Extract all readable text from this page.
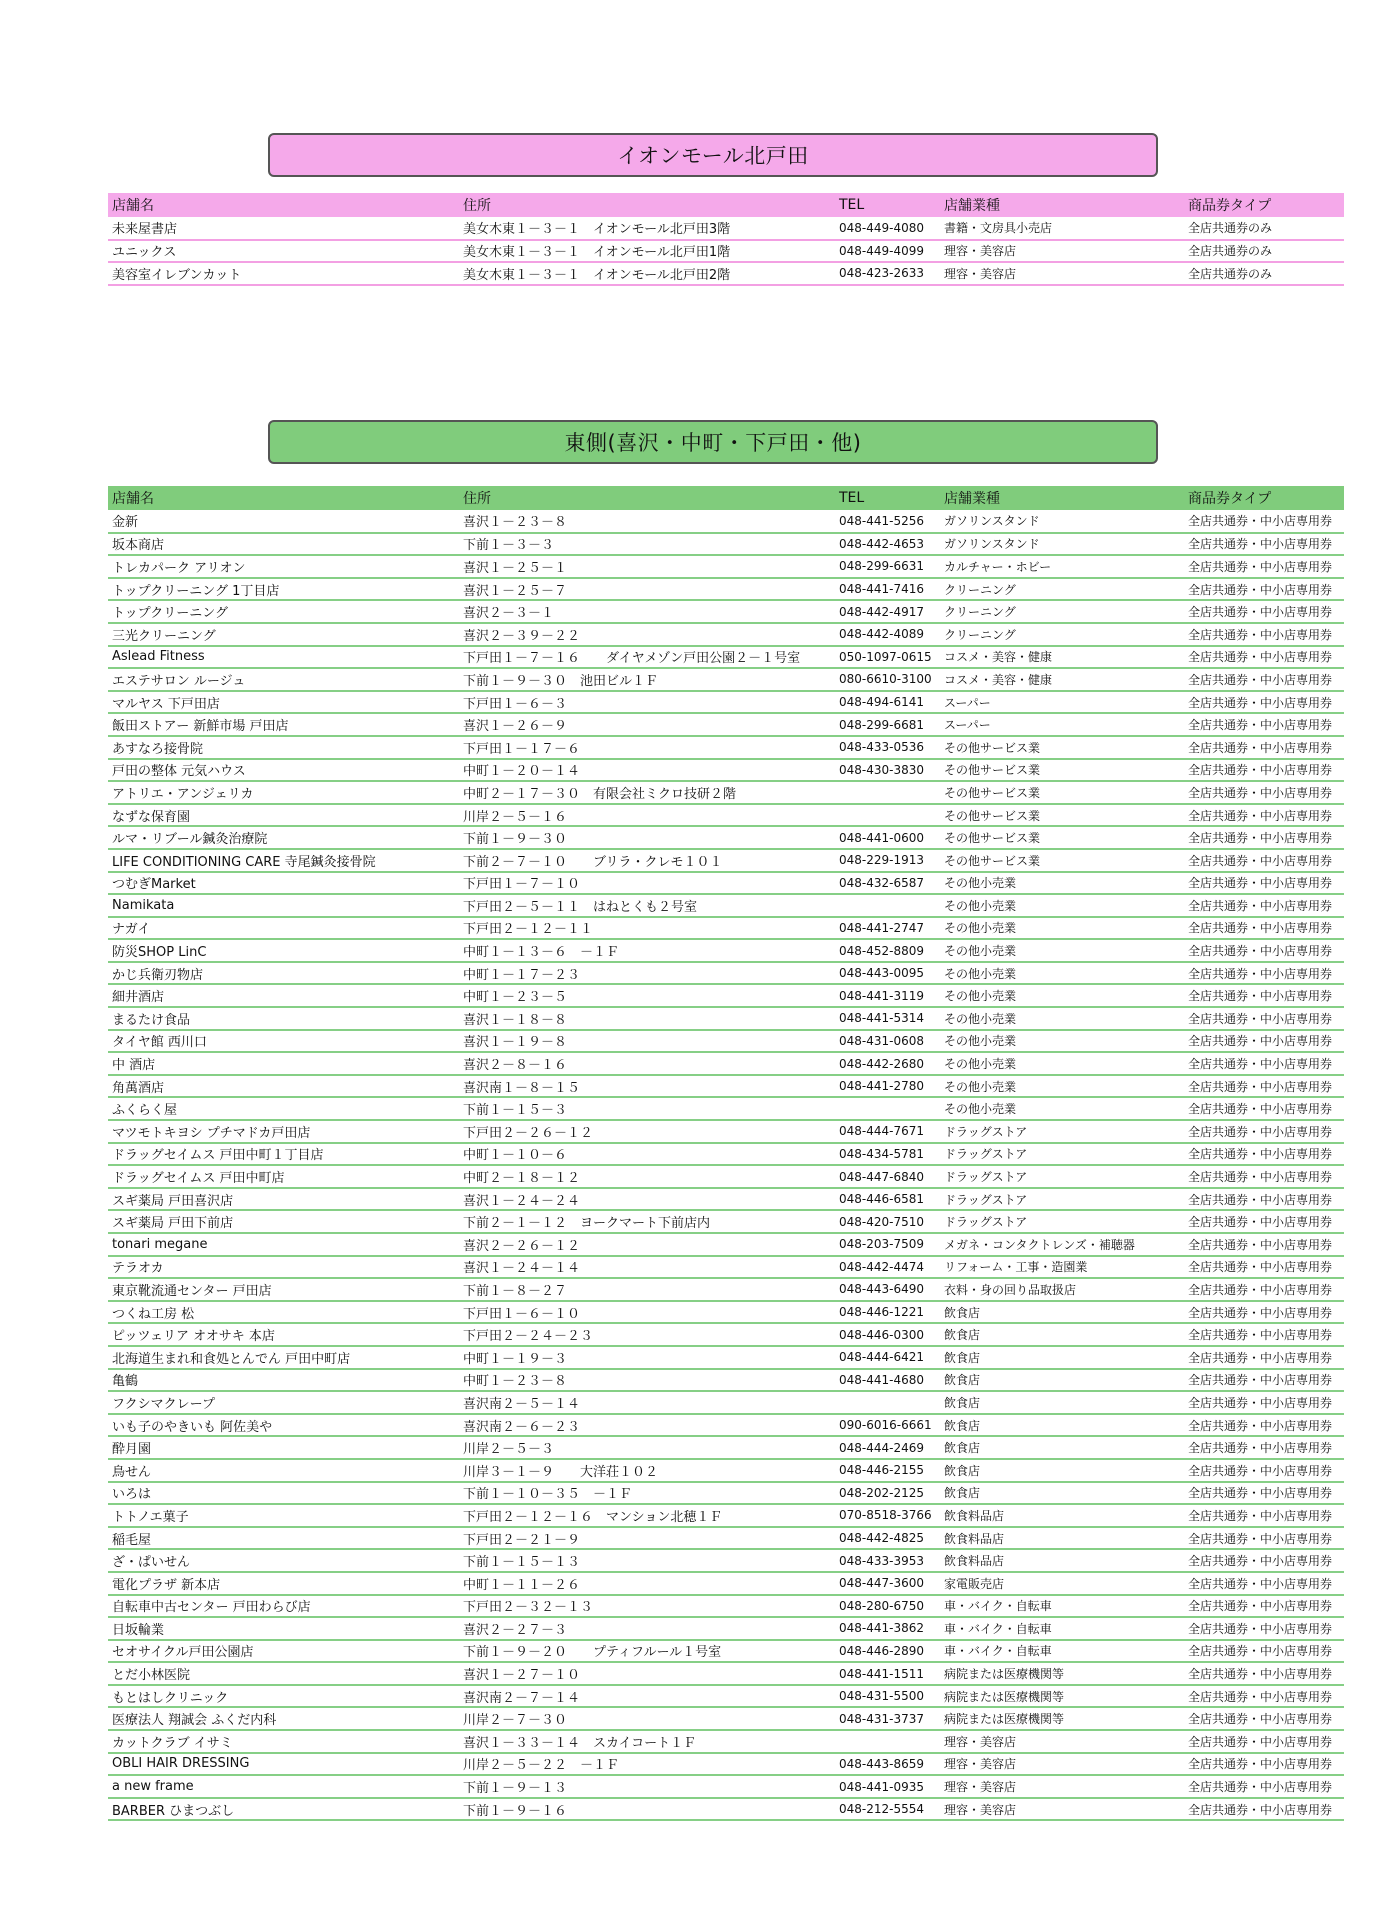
イオンモール北戸田
店舗名	住所	TEL	店舗業種	商品券タイプ
未来屋書店	美女木東１－３－１　イオンモール北戸田3階	048-449-4080	書籍・文房具小売店	全店共通券のみ
ユニックス	美女木東１－３－１　イオンモール北戸田1階	048-449-4099	理容・美容店	全店共通券のみ
美容室イレブンカット	美女木東１－３－１　イオンモール北戸田2階	048-423-2633	理容・美容店	全店共通券のみ
東側(喜沢・中町・下戸田・他)
店舗名	住所	TEL	店舗業種	商品券タイプ
金新	喜沢１－２３－８	048-441-5256	ガソリンスタンド	全店共通券・中小店専用券
坂本商店	下前１－３－３	048-442-4653	ガソリンスタンド	全店共通券・中小店専用券
トレカパーク アリオン	喜沢１－２５－１	048-299-6631	カルチャー・ホビー	全店共通券・中小店専用券
トップクリーニング 1丁目店	喜沢１－２５－７	048-441-7416	クリーニング	全店共通券・中小店専用券
トップクリーニング	喜沢２－３－１	048-442-4917	クリーニング	全店共通券・中小店専用券
三光クリーニング	喜沢２－３９－２２	048-442-4089	クリーニング	全店共通券・中小店専用券
Aslead Fitness	下戸田１－７－１６　　ダイヤメゾン戸田公園２－１号室	050-1097-0615	コスメ・美容・健康	全店共通券・中小店専用券
エステサロン ルージュ	下前１－９－３０　池田ビル１Ｆ	080-6610-3100	コスメ・美容・健康	全店共通券・中小店専用券
マルヤス 下戸田店	下戸田１－６－３	048-494-6141	スーパー	全店共通券・中小店専用券
飯田ストアー 新鮮市場 戸田店	喜沢１－２６－９	048-299-6681	スーパー	全店共通券・中小店専用券
あすなろ接骨院	下戸田１－１７－６	048-433-0536	その他サービス業	全店共通券・中小店専用券
戸田の整体 元気ハウス	中町１－２０－１４	048-430-3830	その他サービス業	全店共通券・中小店専用券
アトリエ・アンジェリカ	中町２－１７－３０　有限会社ミクロ技研２階		その他サービス業	全店共通券・中小店専用券
なずな保育園	川岸２－５－１６		その他サービス業	全店共通券・中小店専用券
ルマ・リブール鍼灸治療院	下前１－９－３０	048-441-0600	その他サービス業	全店共通券・中小店専用券
LIFE CONDITIONING CARE 寺尾鍼灸接骨院	下前２－７－１０　　ブリラ・クレモ１０１	048-229-1913	その他サービス業	全店共通券・中小店専用券
つむぎMarket	下戸田１－７－１０	048-432-6587	その他小売業	全店共通券・中小店専用券
Namikata	下戸田２－５－１１　はねとくも２号室		その他小売業	全店共通券・中小店専用券
ナガイ	下戸田２－１２－１１	048-441-2747	その他小売業	全店共通券・中小店専用券
防災SHOP LinC	中町１－１３－６　－１Ｆ	048-452-8809	その他小売業	全店共通券・中小店専用券
かじ兵衛刃物店	中町１－１７－２３	048-443-0095	その他小売業	全店共通券・中小店専用券
細井酒店	中町１－２３－５	048-441-3119	その他小売業	全店共通券・中小店専用券
まるたけ食品	喜沢１－１８－８	048-441-5314	その他小売業	全店共通券・中小店専用券
タイヤ館 西川口	喜沢１－１９－８	048-431-0608	その他小売業	全店共通券・中小店専用券
中 酒店	喜沢２－８－１６	048-442-2680	その他小売業	全店共通券・中小店専用券
角萬酒店	喜沢南１－８－１５	048-441-2780	その他小売業	全店共通券・中小店専用券
ふくらく屋	下前１－１５－３		その他小売業	全店共通券・中小店専用券
マツモトキヨシ プチマドカ戸田店	下戸田２－２６－１２	048-444-7671	ドラッグストア	全店共通券・中小店専用券
ドラッグセイムス 戸田中町１丁目店	中町１－１０－６	048-434-5781	ドラッグストア	全店共通券・中小店専用券
ドラッグセイムス 戸田中町店	中町２－１８－１２	048-447-6840	ドラッグストア	全店共通券・中小店専用券
スギ薬局 戸田喜沢店	喜沢１－２４－２４	048-446-6581	ドラッグストア	全店共通券・中小店専用券
スギ薬局 戸田下前店	下前２－１－１２　ヨークマート下前店内	048-420-7510	ドラッグストア	全店共通券・中小店専用券
tonari megane	喜沢２－２６－１２	048-203-7509	メガネ・コンタクトレンズ・補聴器	全店共通券・中小店専用券
テラオカ	喜沢１－２４－１４	048-442-4474	リフォーム・工事・造園業	全店共通券・中小店専用券
東京靴流通センター 戸田店	下前１－８－２７	048-443-6490	衣料・身の回り品取扱店	全店共通券・中小店専用券
つくね工房 松	下戸田１－６－１０	048-446-1221	飲食店	全店共通券・中小店専用券
ピッツェリア オオサキ 本店	下戸田２－２４－２３	048-446-0300	飲食店	全店共通券・中小店専用券
北海道生まれ和食処とんでん 戸田中町店	中町１－１９－３	048-444-6421	飲食店	全店共通券・中小店専用券
亀鶴	中町１－２３－８	048-441-4680	飲食店	全店共通券・中小店専用券
フクシマクレープ	喜沢南２－５－１４		飲食店	全店共通券・中小店専用券
いも子のやきいも 阿佐美や	喜沢南２－６－２３	090-6016-6661	飲食店	全店共通券・中小店専用券
酔月園	川岸２－５－３	048-444-2469	飲食店	全店共通券・中小店専用券
鳥せん	川岸３－１－９　　大洋荘１０２	048-446-2155	飲食店	全店共通券・中小店専用券
いろは	下前１－１０－３５　－１Ｆ	048-202-2125	飲食店	全店共通券・中小店専用券
トトノエ菓子	下戸田２－１２－１６　マンション北穂１Ｆ	070-8518-3766	飲食料品店	全店共通券・中小店専用券
稲毛屋	下戸田２－２１－９	048-442-4825	飲食料品店	全店共通券・中小店専用券
ざ・ぱいせん	下前１－１５－１３	048-433-3953	飲食料品店	全店共通券・中小店専用券
電化プラザ 新本店	中町１－１１－２６	048-447-3600	家電販売店	全店共通券・中小店専用券
自転車中古センター 戸田わらび店	下戸田２－３２－１３	048-280-6750	車・バイク・自転車	全店共通券・中小店専用券
日坂輪業	喜沢２－２７－３	048-441-3862	車・バイク・自転車	全店共通券・中小店専用券
セオサイクル戸田公園店	下前１－９－２０　　プティフルール１号室	048-446-2890	車・バイク・自転車	全店共通券・中小店専用券
とだ小林医院	喜沢１－２７－１０	048-441-1511	病院または医療機関等	全店共通券・中小店専用券
もとはしクリニック	喜沢南２－７－１４	048-431-5500	病院または医療機関等	全店共通券・中小店専用券
医療法人 翔誠会 ふくだ内科	川岸２－７－３０	048-431-3737	病院または医療機関等	全店共通券・中小店専用券
カットクラブ イサミ	喜沢１－３３－１４　スカイコート１Ｆ		理容・美容店	全店共通券・中小店専用券
OBLI HAIR DRESSING	川岸２－５－２２　－１Ｆ	048-443-8659	理容・美容店	全店共通券・中小店専用券
a new frame	下前１－９－１３	048-441-0935	理容・美容店	全店共通券・中小店専用券
BARBER ひまつぶし	下前１－９－１６	048-212-5554	理容・美容店	全店共通券・中小店専用券
